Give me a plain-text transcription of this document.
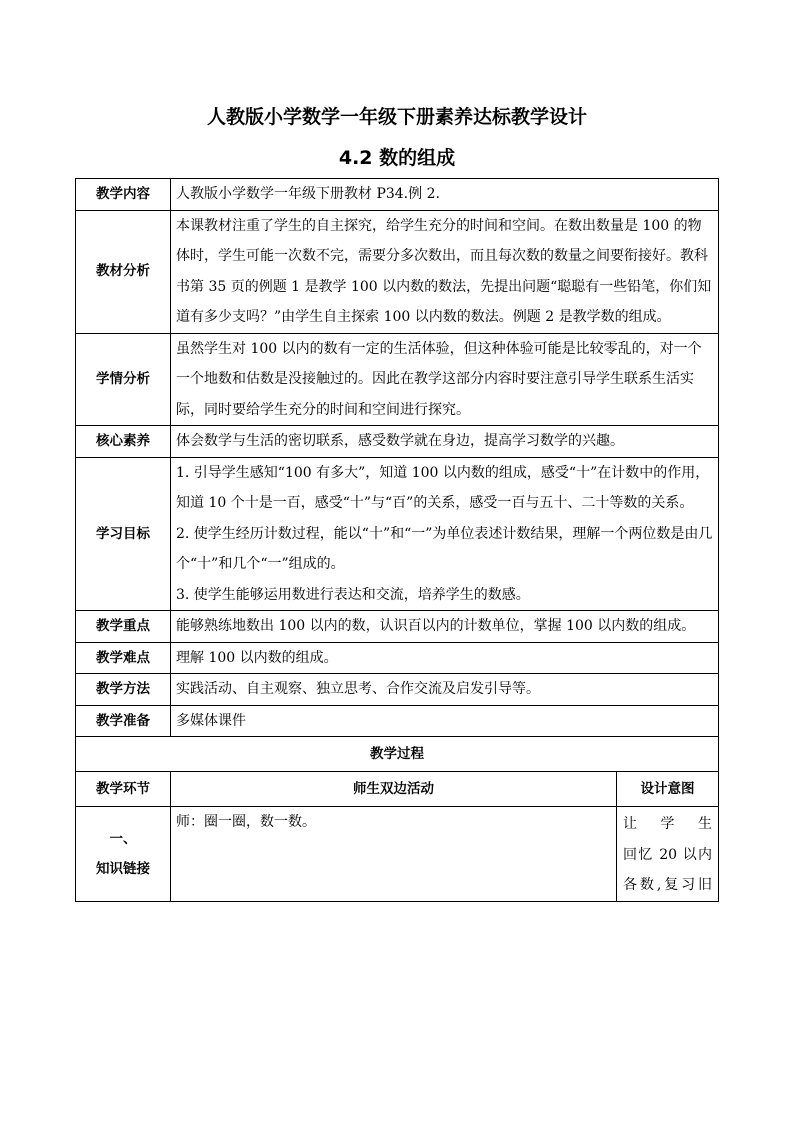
人教版小学数学一年级下册素养达标教学设计
4.2 数的组成
教学内容	人教版小学数学一年级下册教材 P34.例 2.	
教材分析	本课教材注重了学生的自主探究，给学生充分的时间和空间。在数出数量是 100 的物体时，学生可能一次数不完，需要分多次数出，而且每次数的数量之间要衔接好。教科书第 35 页的例题 1 是教学 100 以内数的数法，先提出问题“聪聪有一些铅笔，你们知道有多少支吗？”由学生自主探索 100 以内数的数法。例题 2 是教学数的组成。	
学情分析	虽然学生对 100 以内的数有一定的生活体验，但这种体验可能是比较零乱的，对一个一个地数和估数是没接触过的。因此在教学这部分内容时要注意引导学生联系生活实际，同时要给学生充分的时间和空间进行探究。	
核心素养	体会数学与生活的密切联系，感受数学就在身边，提高学习数学的兴趣。	
学习目标	1. 引导学生感知“100 有多大”，知道 100 以内数的组成，感受“十”在计数中的作用，知道 10 个十是一百，感受“十”与“百”的关系，感受一百与五十、二十等数的关系。
2. 使学生经历计数过程，能以“十”和“一”为单位表述计数结果，理解一个两位数是由几个“十”和几个“一”组成的。
3. 使学生能够运用数进行表达和交流，培养学生的数感。	

教学重点	能够熟练地数出 100 以内的数，认识百以内的计数单位，掌握 100 以内数的组成。	
教学难点	理解 100 以内数的组成。	
教学方法	实践活动、自主观察、独立思考、合作交流及启发引导等。	
教学准备	多媒体课件	
教学过程		
教学环节	师生双边活动	设计意图

一、
知识链接	师：圈一圈，数一数。	让学生
回忆 20 以内
各数,复习旧
